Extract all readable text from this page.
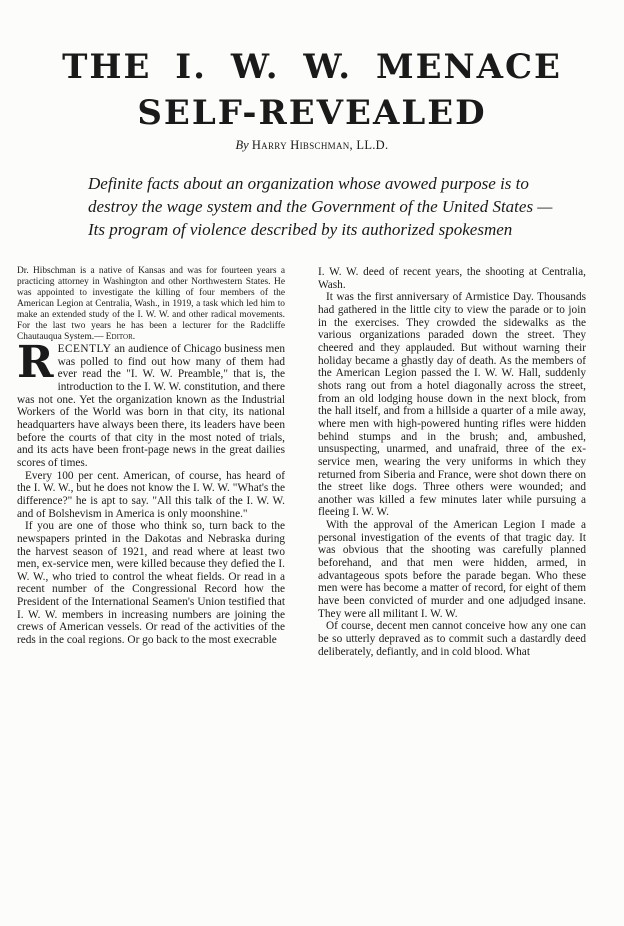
THE I. W. W. MENACE
SELF-REVEALED
By Harry Hibschman, LL.D.

Definite facts about an organization whose avowed purpose is to destroy the wage system and the Government of the United States —Its program of violence described by its authorized spokesmen

Dr. Hibschman is a native of Kansas and was for fourteen years a practicing attorney in Washington and other Northwestern States. He was appointed to investigate the killing of four members of the American Legion at Centralia, Wash., in 1919, a task which led him to make an extended study of the I. W. W. and other radical movements. For the last two years he has been a lecturer for the Radcliffe Chautauqua System.— Editor.

RECENTLY an audience of Chicago business men was polled to find out how many of them had ever read the "I. W. W. Preamble," that is, the introduction to the I. W. W. constitution, and there was not one. Yet the organization known as the Industrial Workers of the World was born in that city, its national headquarters have always been there, its leaders have been before the courts of that city in the most noted of trials, and its acts have been front-page news in the great dailies scores of times.

Every 100 per cent. American, of course, has heard of the I. W. W., but he does not know the I. W. W. "What's the difference?" he is apt to say. "All this talk of the I. W. W. and of Bolshevism in America is only moonshine."

If you are one of those who think so, turn back to the newspapers printed in the Dakotas and Nebraska during the harvest season of 1921, and read where at least two men, ex-service men, were killed because they defied the I. W. W., who tried to control the wheat fields. Or read in a recent number of the Congressional Record how the President of the International Seamen's Union testified that I. W. W. members in increasing numbers are joining the crews of American vessels. Or read of the activities of the reds in the coal regions. Or go back to the most execrable

I. W. W. deed of recent years, the shooting at Centralia, Wash.

It was the first anniversary of Armistice Day. Thousands had gathered in the little city to view the parade or to join in the exercises. They crowded the sidewalks as the various organizations paraded down the street. They cheered and they applauded. But without warning their holiday became a ghastly day of death. As the members of the American Legion passed the I. W. W. Hall, suddenly shots rang out from a hotel diagonally across the street, from an old lodging house down in the next block, from the hall itself, and from a hillside a quarter of a mile away, where men with high-powered hunting rifles were hidden behind stumps and in the brush; and, ambushed, unsuspecting, unarmed, and unafraid, three of the ex-service men, wearing the very uniforms in which they returned from Siberia and France, were shot down there on the street like dogs. Three others were wounded; and another was killed a few minutes later while pursuing a fleeing I. W. W.

With the approval of the American Legion I made a personal investigation of the events of that tragic day. It was obvious that the shooting was carefully planned beforehand, and that men were hidden, armed, in advantageous spots before the parade began. Who these men were has become a matter of record, for eight of them have been convicted of murder and one adjudged insane. They were all militant I. W. W.

Of course, decent men cannot conceive how any one can be so utterly depraved as to commit such a dastardly deed deliberately, defiantly, and in cold blood. What
